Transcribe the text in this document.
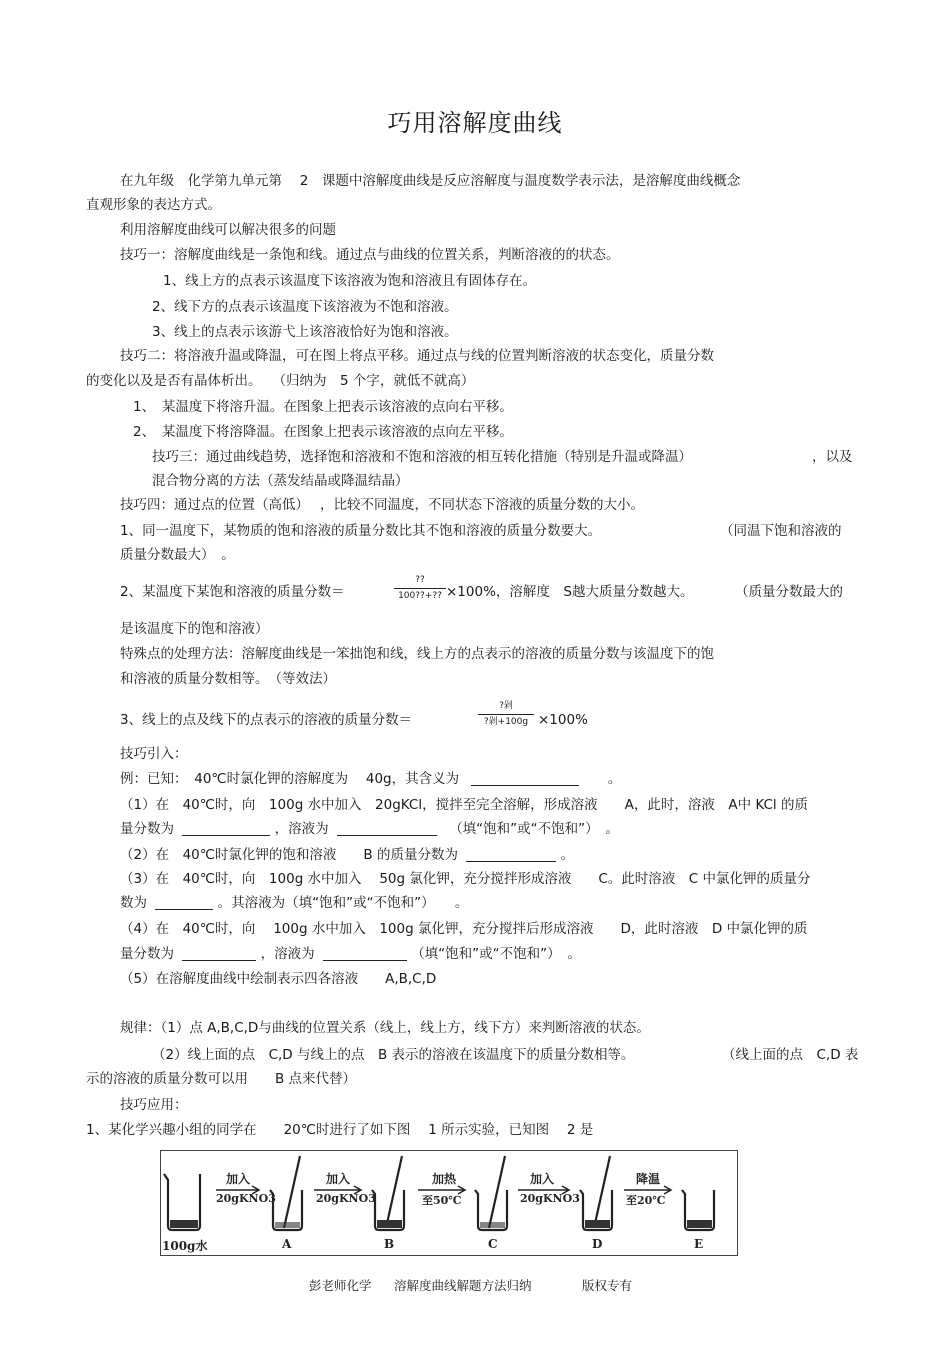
巧用溶解度曲线
在九年级　化学第九单元第　 2　课题中溶解度曲线是反应溶解度与温度数学表示法，是溶解度曲线概念
直观形象的表达方式。
利用溶解度曲线可以解决很多的问题
技巧一：溶解度曲线是一条饱和线。通过点与曲线的位置关系，判断溶液的的状态。
1、线上方的点表示该温度下该溶液为饱和溶液且有固体存在。
2、线下方的点表示该温度下该溶液为不饱和溶液。
3、线上的点表示该游弋上该溶液恰好为饱和溶液。
技巧二：将溶液升温或降温，可在图上将点平移。通过点与线的位置判断溶液的状态变化，质量分数
的变化以及是否有晶体析出。　 （归纳为　5 个字，就低不就高）
1、　某温度下将溶升温。在图象上把表示该溶液的点向右平移。
2、　某温度下将溶降温。在图象上把表示该溶液的点向左平移。
技巧三：通过曲线趋势，选择饱和溶液和不饱和溶液的相互转化措施（特别是升温或降温）	，以及
混合物分离的方法（蒸发结晶或降温结晶）
技巧四：通过点的位置（高低）　 ，比较不同温度，不同状态下溶液的质量分数的大小。
1、同一温度下，某物质的饱和溶液的质量分数比其不饱和溶液的质量分数要大。	（同温下饱和溶液的
质量分数最大）　。
2、某温度下某饱和溶液的质量分数＝
??
100??+?? ×100%，溶解度　S越大质量分数越大。	（质量分数最大的
是该温度下的饱和溶液）
特殊点的处理方法：溶解度曲线是一笨拙饱和线，线上方的点表示的溶液的质量分数与该温度下的饱
和溶液的质量分数相等。　（等效法）
3、线上的点及线下的点表示的溶液的质量分数＝
?剁
?剁+100g ×100%
技巧引入：
例：已知：　40℃时氯化钾的溶解度为　 40g，其含义为	。
（1）在　40℃时，向　100g 水中加入　20gKCl，搅拌至完全溶解，形成溶液　　A，此时，溶液　A中 KCl 的质
量分数为	，溶液为	（填“饱和”或“不饱和”）　。
（2）在　40℃时氯化钾的饱和溶液　　B 的质量分数为	。
（3）在　40℃时，向　100g 水中加入　 50g 氯化钾，充分搅拌形成溶液　　C。此时溶液　C 中氯化钾的质量分
数为	。其溶液为（填“饱和”或“不饱和”）　　。
（4）在　40℃时，向　 100g 水中加入　100g 氯化钾，充分搅拌后形成溶液　　D，此时溶液　D 中氯化钾的质
量分数为	，溶液为	（填“饱和”或“不饱和”）　。
（5）在溶解度曲线中绘制表示四各溶液　　A,B,C,D
规律：（1）点 A,B,C,D与曲线的位置关系（线上，线上方，线下方）来判断溶液的状态。
（2）线上面的点　C,D 与线上的点　B 表示的溶液在该温度下的质量分数相等。	（线上面的点　C,D 表
示的溶液的质量分数可以用　　B 点来代替）
技巧应用：
1、某化学兴趣小组的同学在　　20℃时进行了如下图　 1 所示实验，已知图　 2 是
加入
20gKNO3
加入
20gKNO3
加热
至50℃
加入
20gKNO3
降温
至20℃
100g水	A	B	C	D	E
彭老师化学 溶解度曲线解题方法归纳	版权专有
